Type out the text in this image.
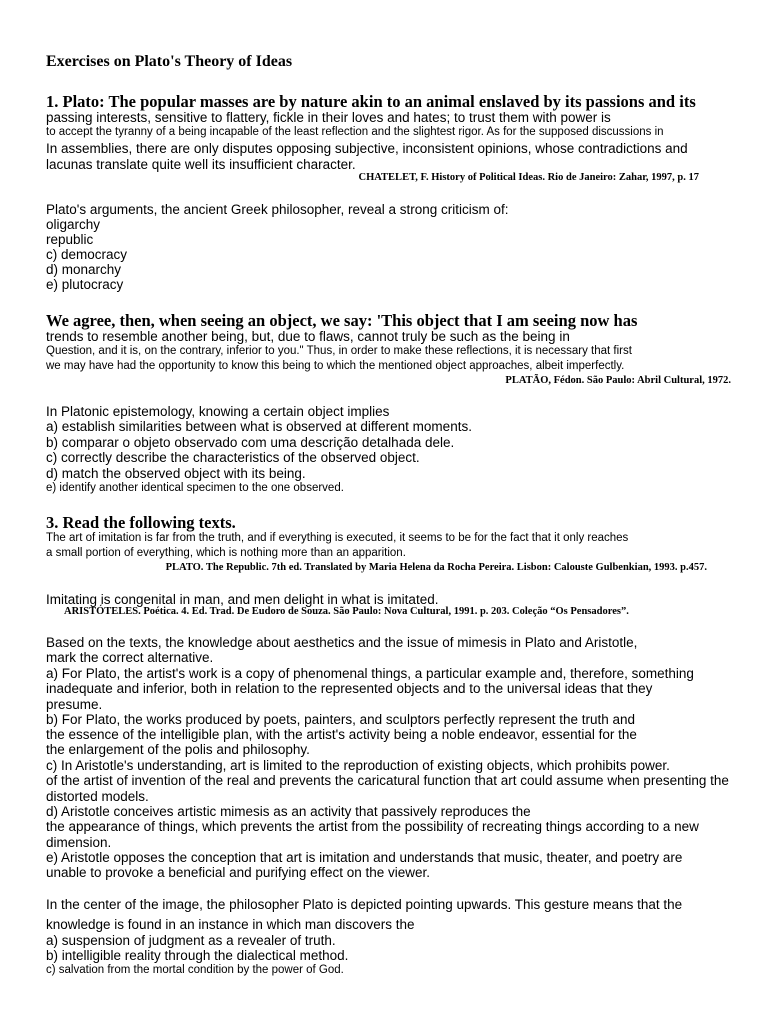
Exercises on Plato's Theory of Ideas
1. Plato: The popular masses are by nature akin to an animal enslaved by its passions and its
passing interests, sensitive to flattery, fickle in their loves and hates; to trust them with power is
to accept the tyranny of a being incapable of the least reflection and the slightest rigor. As for the supposed discussions in
In assemblies, there are only disputes opposing subjective, inconsistent opinions, whose contradictions and
lacunas translate quite well its insufficient character.
CHATELET, F. History of Political Ideas. Rio de Janeiro: Zahar, 1997, p. 17
Plato's arguments, the ancient Greek philosopher, reveal a strong criticism of:
oligarchy
republic
c) democracy
d) monarchy
e) plutocracy
We agree, then, when seeing an object, we say: 'This object that I am seeing now has
trends to resemble another being, but, due to flaws, cannot truly be such as the being in
Question, and it is, on the contrary, inferior to you." Thus, in order to make these reflections, it is necessary that first
we may have had the opportunity to know this being to which the mentioned object approaches, albeit imperfectly.
PLATÃO, Fédon. São Paulo: Abril Cultural, 1972.
In Platonic epistemology, knowing a certain object implies
a) establish similarities between what is observed at different moments.
b) comparar o objeto observado com uma descrição detalhada dele.
c) correctly describe the characteristics of the observed object.
d) match the observed object with its being.
e) identify another identical specimen to the one observed.
3. Read the following texts.
The art of imitation is far from the truth, and if everything is executed, it seems to be for the fact that it only reaches
a small portion of everything, which is nothing more than an apparition.
PLATO. The Republic. 7th ed. Translated by Maria Helena da Rocha Pereira. Lisbon: Calouste Gulbenkian, 1993. p.457.
Imitating is congenital in man, and men delight in what is imitated.
ARISTÓTELES. Poética. 4. Ed. Trad. De Eudoro de Souza. São Paulo: Nova Cultural, 1991. p. 203. Coleção “Os Pensadores”.
Based on the texts, the knowledge about aesthetics and the issue of mimesis in Plato and Aristotle,
mark the correct alternative.
a) For Plato, the artist's work is a copy of phenomenal things, a particular example and, therefore, something
inadequate and inferior, both in relation to the represented objects and to the universal ideas that they
presume.
b) For Plato, the works produced by poets, painters, and sculptors perfectly represent the truth and
the essence of the intelligible plan, with the artist's activity being a noble endeavor, essential for the
the enlargement of the polis and philosophy.
c) In Aristotle's understanding, art is limited to the reproduction of existing objects, which prohibits power.
of the artist of invention of the real and prevents the caricatural function that art could assume when presenting the
distorted models.
d) Aristotle conceives artistic mimesis as an activity that passively reproduces the
the appearance of things, which prevents the artist from the possibility of recreating things according to a new
dimension.
e) Aristotle opposes the conception that art is imitation and understands that music, theater, and poetry are
unable to provoke a beneficial and purifying effect on the viewer.
In the center of the image, the philosopher Plato is depicted pointing upwards. This gesture means that the
knowledge is found in an instance in which man discovers the
a) suspension of judgment as a revealer of truth.
b) intelligible reality through the dialectical method.
c) salvation from the mortal condition by the power of God.
